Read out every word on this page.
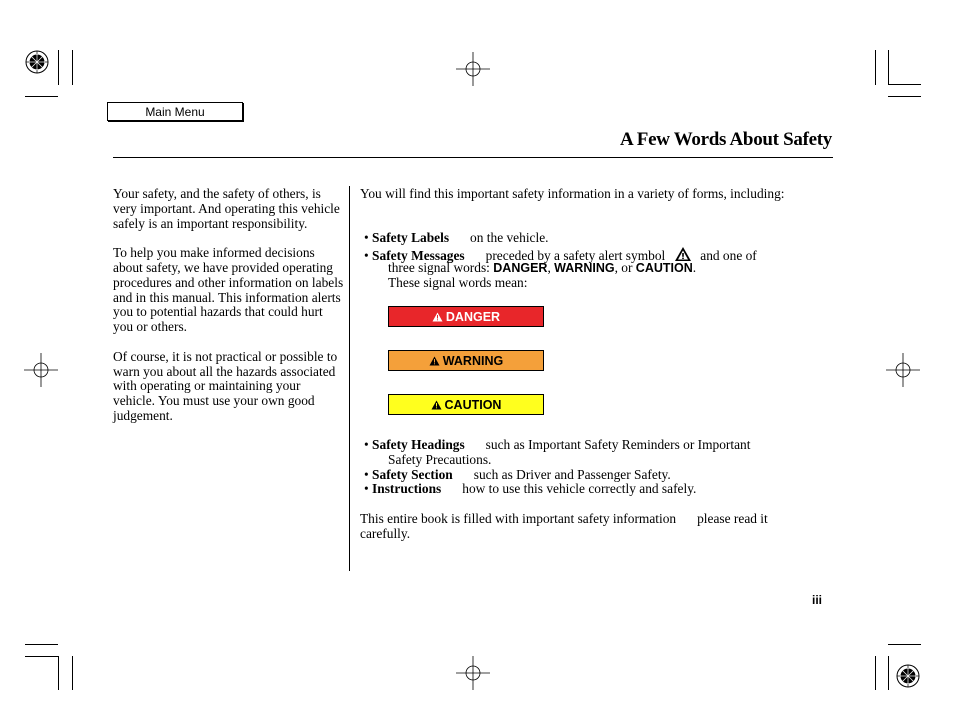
Main Menu
A Few Words About Safety

Your safety, and the safety of others, is very important. And operating this vehicle safely is an important responsibility.

To help you make informed decisions about safety, we have provided operating procedures and other information on labels and in this manual. This information alerts you to potential hazards that could hurt you or others.

Of course, it is not practical or possible to warn you about all the hazards associated with operating or maintaining your vehicle. You must use your own good judgement.

You will find this important safety information in a variety of forms, including:

• Safety Labels on the vehicle.
• Safety Messages preceded by a safety alert symbol	and one of
three signal words: DANGER, WARNING, or CAUTION.
These signal words mean:
DANGER
WARNING
CAUTION
• Safety Headings such as Important Safety Reminders or Important
Safety Precautions.
• Safety Section such as Driver and Passenger Safety.
• Instructions how to use this vehicle correctly and safely.
This entire book is filled with important safety information please read it
carefully.
iii
